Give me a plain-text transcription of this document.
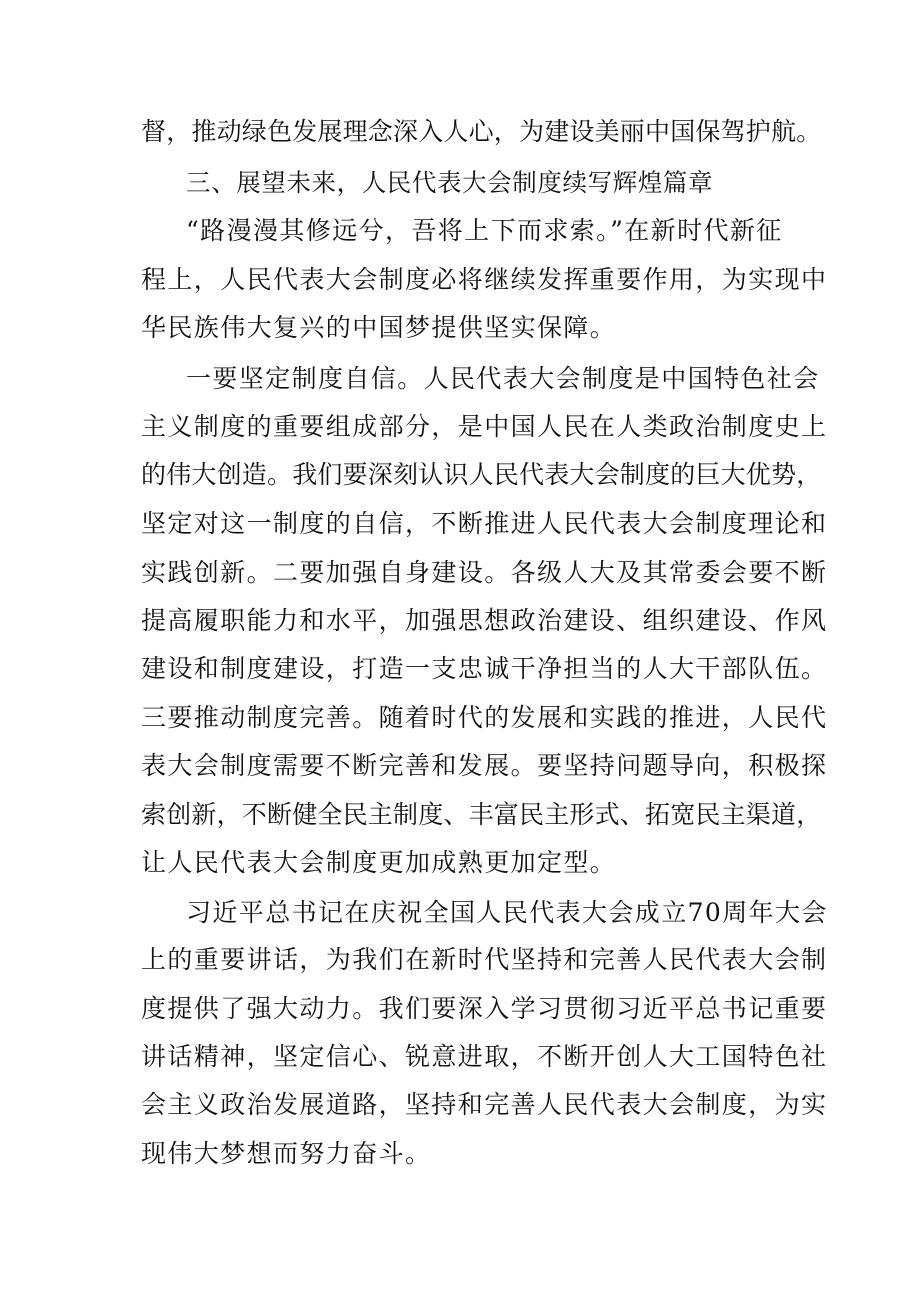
督，推动绿色发展理念深入人心，为建设美丽中国保驾护航。
三、展望未来，人民代表大会制度续写辉煌篇章
“路漫漫其修远兮，吾将上下而求索。”在新时代新征
程上，人民代表大会制度必将继续发挥重要作用，为实现中
华民族伟大复兴的中国梦提供坚实保障。
一要坚定制度自信。人民代表大会制度是中国特色社会
主义制度的重要组成部分，是中国人民在人类政治制度史上
的伟大创造。我们要深刻认识人民代表大会制度的巨大优势，
坚定对这一制度的自信，不断推进人民代表大会制度理论和
实践创新。二要加强自身建设。各级人大及其常委会要不断
提高履职能力和水平，加强思想政治建设、组织建设、作风
建设和制度建设，打造一支忠诚干净担当的人大干部队伍。
三要推动制度完善。随着时代的发展和实践的推进，人民代
表大会制度需要不断完善和发展。要坚持问题导向，积极探
索创新，不断健全民主制度、丰富民主形式、拓宽民主渠道，
让人民代表大会制度更加成熟更加定型。
习近平总书记在庆祝全国人民代表大会成立70周年大会
上的重要讲话，为我们在新时代坚持和完善人民代表大会制
度提供了强大动力。我们要深入学习贯彻习近平总书记重要
讲话精神，坚定信心、锐意进取，不断开创人大工国特色社
会主义政治发展道路，坚持和完善人民代表大会制度，为实
现伟大梦想而努力奋斗。
